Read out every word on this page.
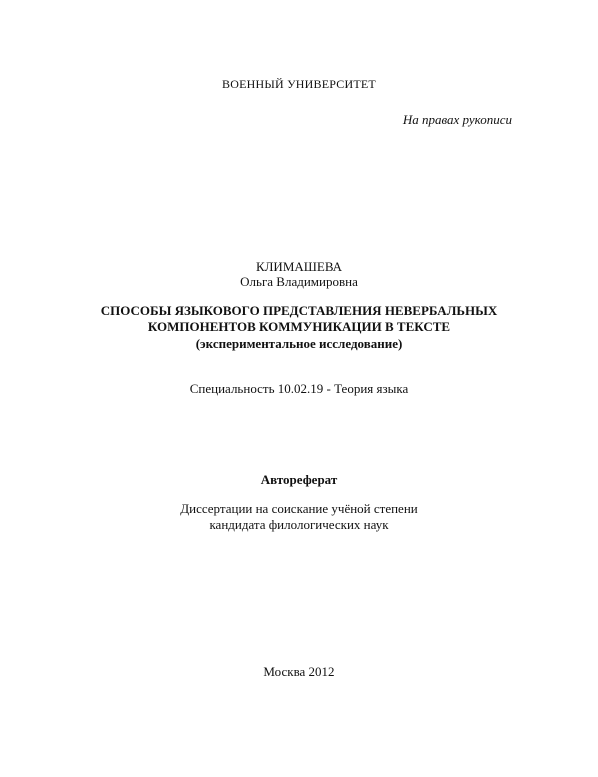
ВОЕННЫЙ УНИВЕРСИТЕТ
На правах рукописи
КЛИМАШЕВА
Ольга Владимировна
СПОСОБЫ ЯЗЫКОВОГО ПРЕДСТАВЛЕНИЯ НЕВЕРБАЛЬНЫХ
КОМПОНЕНТОВ КОММУНИКАЦИИ В ТЕКСТЕ
(экспериментальное исследование)
Специальность 10.02.19 - Теория языка
Автореферат
Диссертации на соискание учёной степени
кандидата филологических наук
Москва 2012
